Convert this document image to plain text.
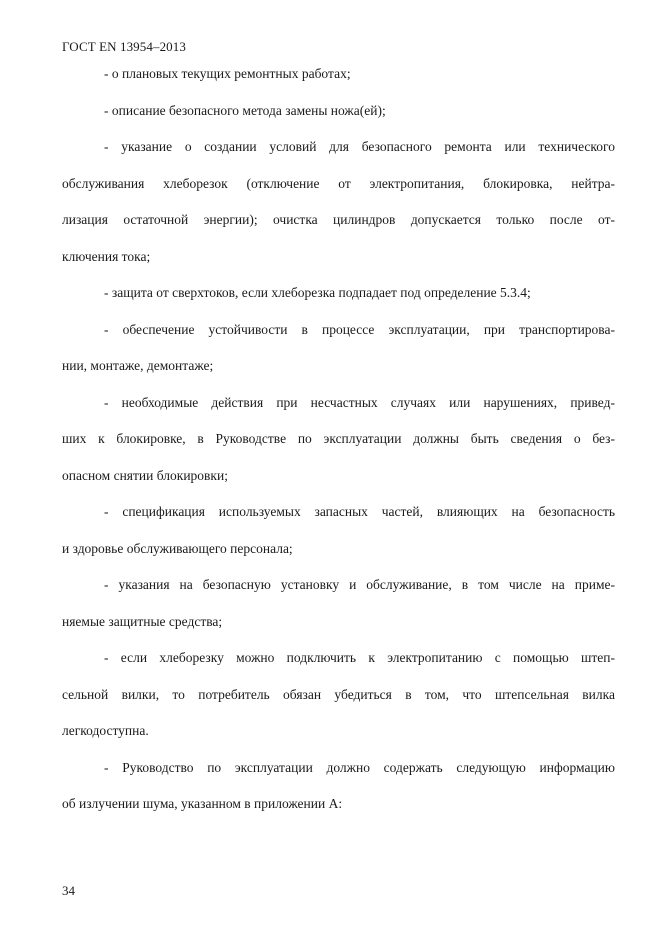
ГОСТ EN 13954–2013
- о плановых текущих ремонтных работах;
- описание безопасного метода замены ножа(ей);
- указание о создании условий для безопасного ремонта или технического
обслуживания хлеборезок (отключение от электропитания, блокировка, нейтра-
лизация остаточной энергии); очистка цилиндров допускается только после от-
ключения тока;
- защита от сверхтоков, если хлеборезка подпадает под определение 5.3.4;
- обеспечение устойчивости в процессе эксплуатации, при транспортирова-
нии, монтаже, демонтаже;
- необходимые действия при несчастных случаях или нарушениях, привед-
ших к блокировке, в Руководстве по эксплуатации должны быть сведения о без-
опасном снятии блокировки;
- спецификация используемых запасных частей, влияющих на безопасность
и здоровье обслуживающего персонала;
- указания на безопасную установку и обслуживание, в том числе на приме-
няемые защитные средства;
- если хлеборезку можно подключить к электропитанию с помощью штеп-
сельной вилки, то потребитель обязан убедиться в том, что штепсельная вилка
легкодоступна.
- Руководство по эксплуатации должно содержать следующую информацию
об излучении шума, указанном в приложении А:
34
